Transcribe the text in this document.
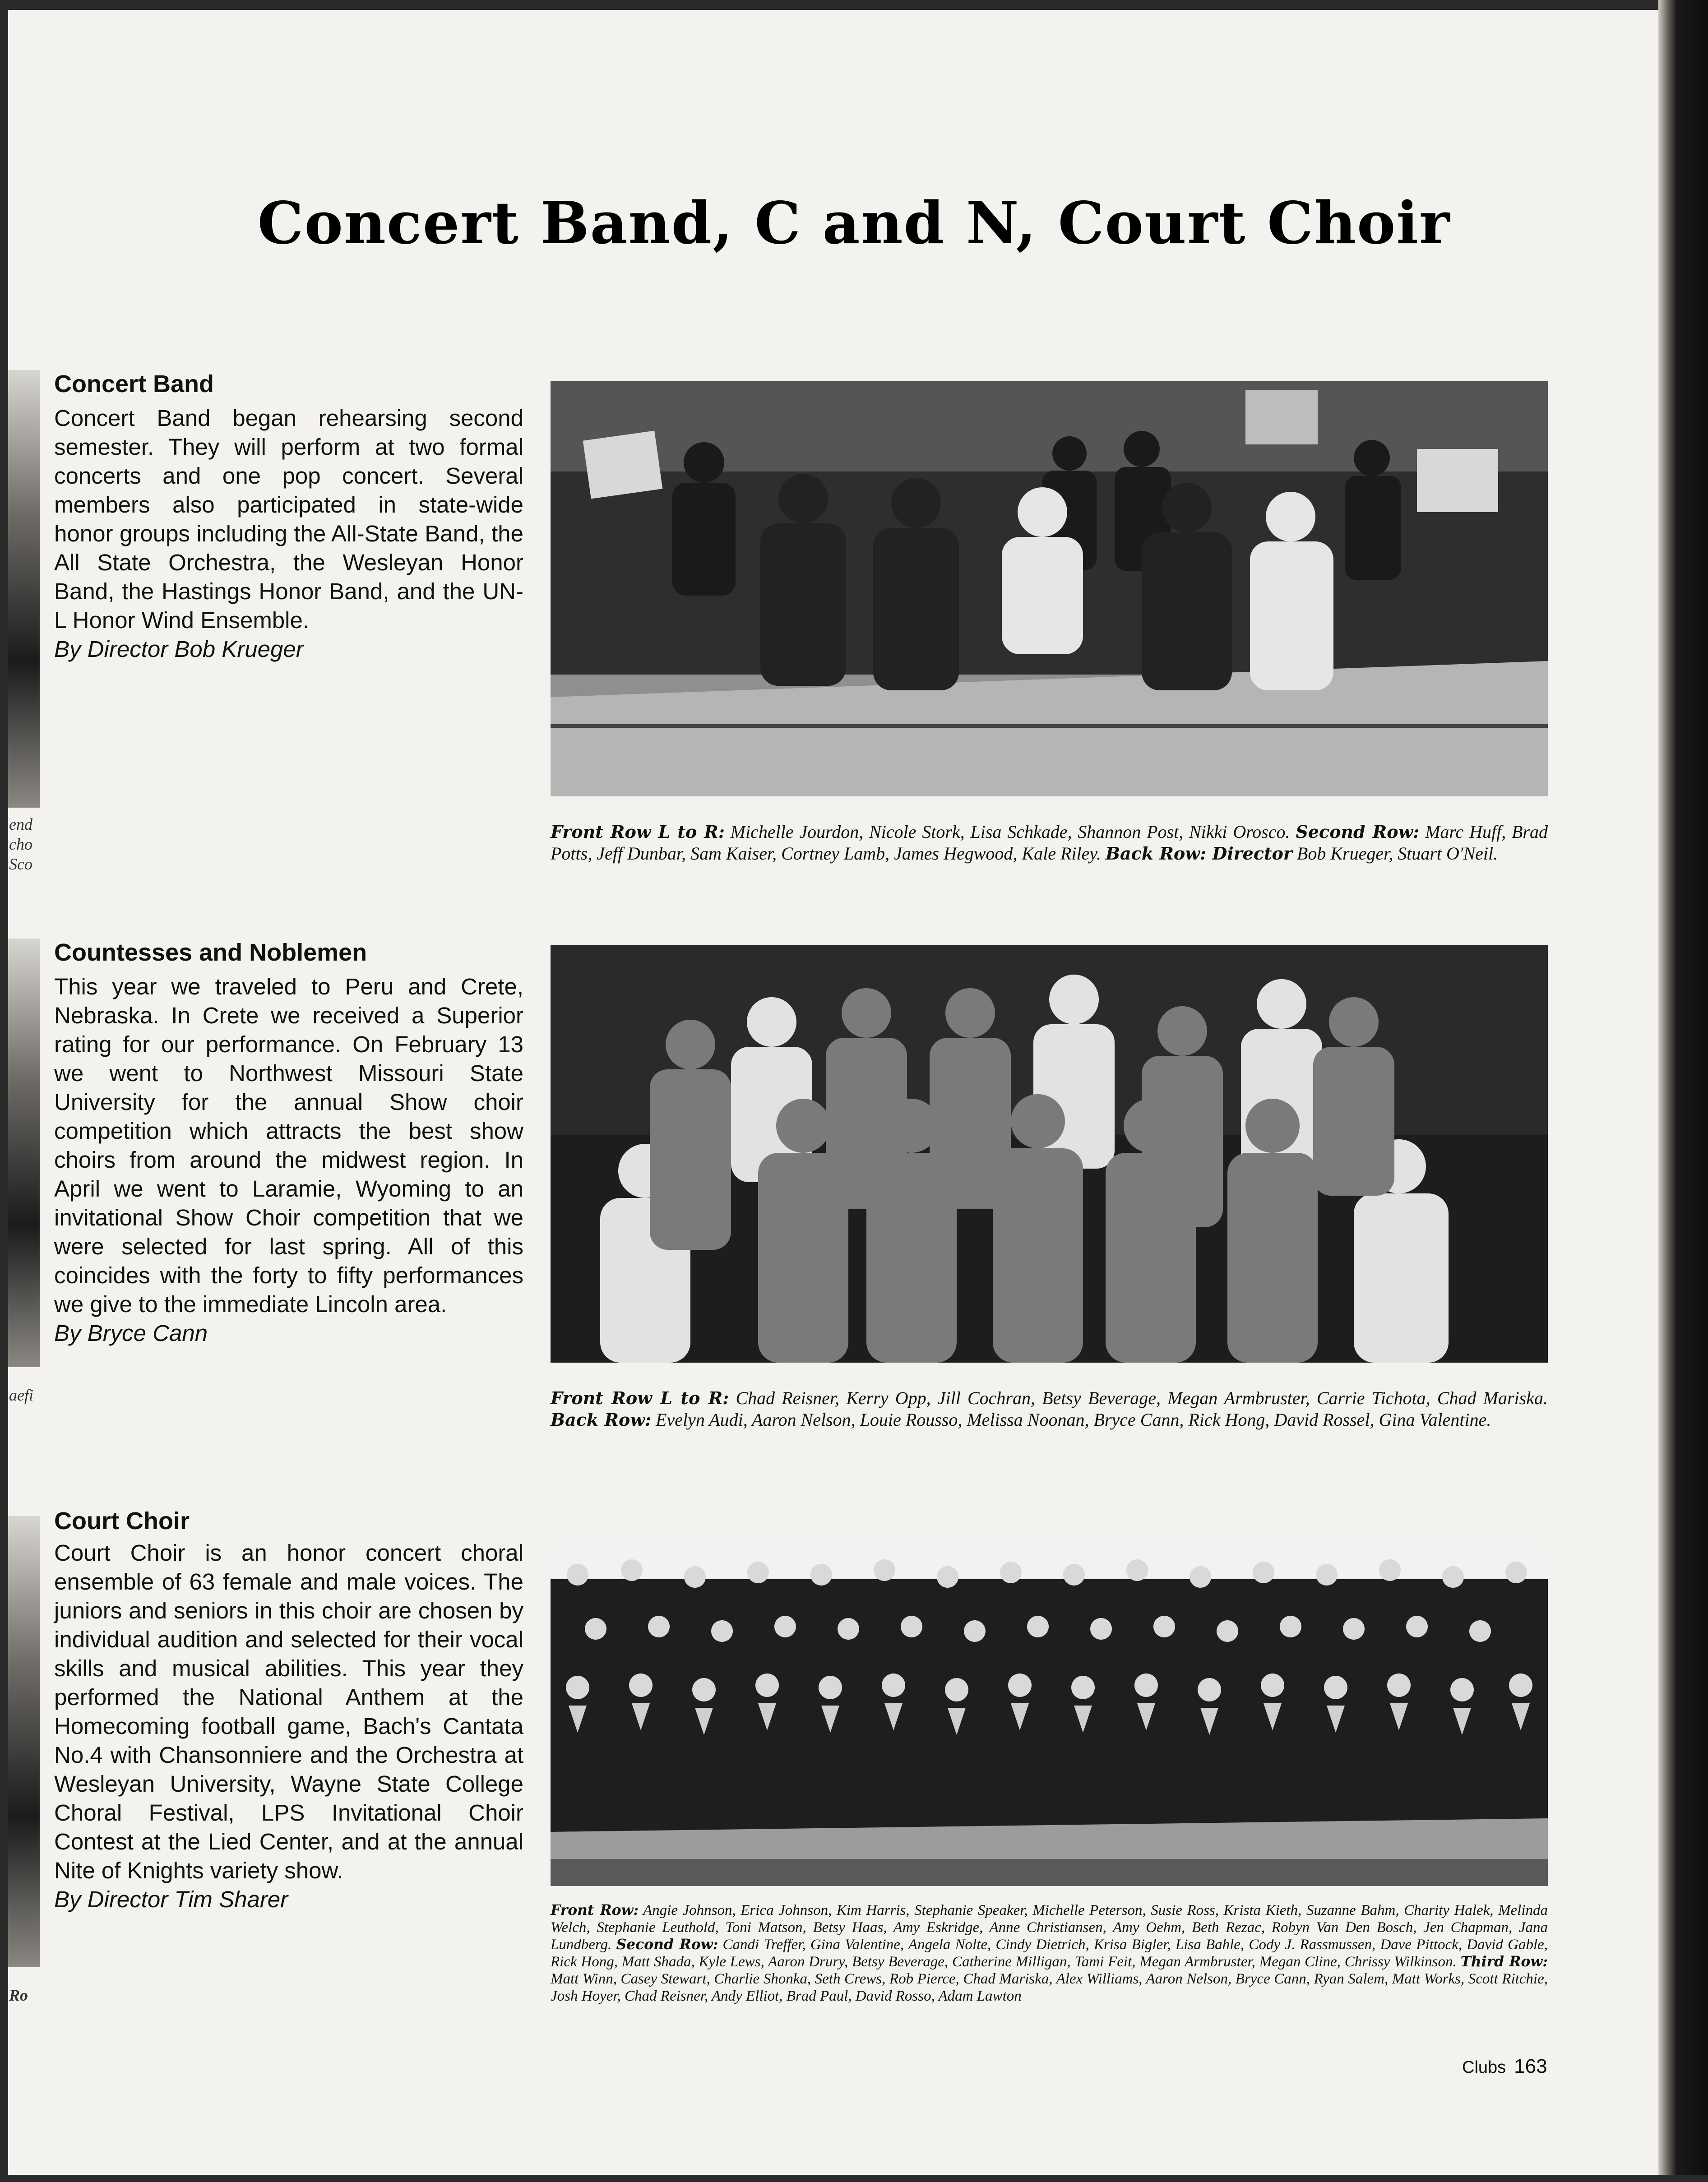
end
cho
Sco
aefi
Ro
Concert Band, C and N, Court Choir
Concert Band

Concert Band began rehearsing second semester. They will perform at two formal concerts and one pop concert. Several members also participated in state-wide honor groups including the All-State Band, the All State Orchestra, the Wesleyan Honor Band, the Hastings Honor Band, and the UN-L Honor Wind Ensemble.
By Director Bob Krueger

Front Row L to R: Michelle Jourdon, Nicole Stork, Lisa Schkade, Shannon Post, Nikki Orosco. Second Row: Marc Huff, Brad Potts, Jeff Dunbar, Sam Kaiser, Cortney Lamb, James Hegwood, Kale Riley. Back Row: Director Bob Krueger, Stuart O'Neil.

Countesses and Noblemen

This year we traveled to Peru and Crete, Nebraska. In Crete we received a Superior rating for our performance. On February 13 we went to Northwest Missouri State University for the annual Show choir competition which attracts the best show choirs from around the midwest region. In April we went to Laramie, Wyoming to an invitational Show Choir competition that we were selected for last spring. All of this coincides with the forty to fifty performances we give to the immediate Lincoln area.
By Bryce Cann

Front Row L to R: Chad Reisner, Kerry Opp, Jill Cochran, Betsy Beverage, Megan Armbruster, Carrie Tichota, Chad Mariska. Back Row: Evelyn Audi, Aaron Nelson, Louie Rousso, Melissa Noonan, Bryce Cann, Rick Hong, David Rossel, Gina Valentine.

Court Choir

Court Choir is an honor concert choral ensemble of 63 female and male voices. The juniors and seniors in this choir are chosen by individual audition and selected for their vocal skills and musical abilities. This year they performed the National Anthem at the Homecoming football game, Bach's Cantata No.4 with Chansonniere and the Orchestra at Wesleyan University, Wayne State College Choral Festival, LPS Invitational Choir Contest at the Lied Center, and at the annual Nite of Knights variety show.
By Director Tim Sharer	Front Row: Angie Johnson, Erica Johnson, Kim Harris, Stephanie Speaker, Michelle Peterson, Susie Ross, Krista Kieth, Suzanne Bahm, Charity Halek, Melinda Welch, Stephanie Leuthold, Toni Matson, Betsy Haas, Amy Eskridge, Anne Christiansen, Amy Oehm, Beth Rezac, Robyn Van Den Bosch, Jen Chapman, Jana Lundberg. Second Row: Candi Treffer, Gina Valentine, Angela Nolte, Cindy Dietrich, Krisa Bigler, Lisa Bahle, Cody J. Rassmussen, Dave Pittock, David Gable, Rick Hong, Matt Shada, Kyle Lews, Aaron Drury, Betsy Beverage, Catherine Milligan, Tami Feit, Megan Armbruster, Megan Cline, Chrissy Wilkinson. Third Row: Matt Winn, Casey Stewart, Charlie Shonka, Seth Crews, Rob Pierce, Chad Mariska, Alex Williams, Aaron Nelson, Bryce Cann, Ryan Salem, Matt Works, Scott Ritchie, Josh Hoyer, Chad Reisner, Andy Elliot, Brad Paul, David Rosso, Adam Lawton

Clubs 163
